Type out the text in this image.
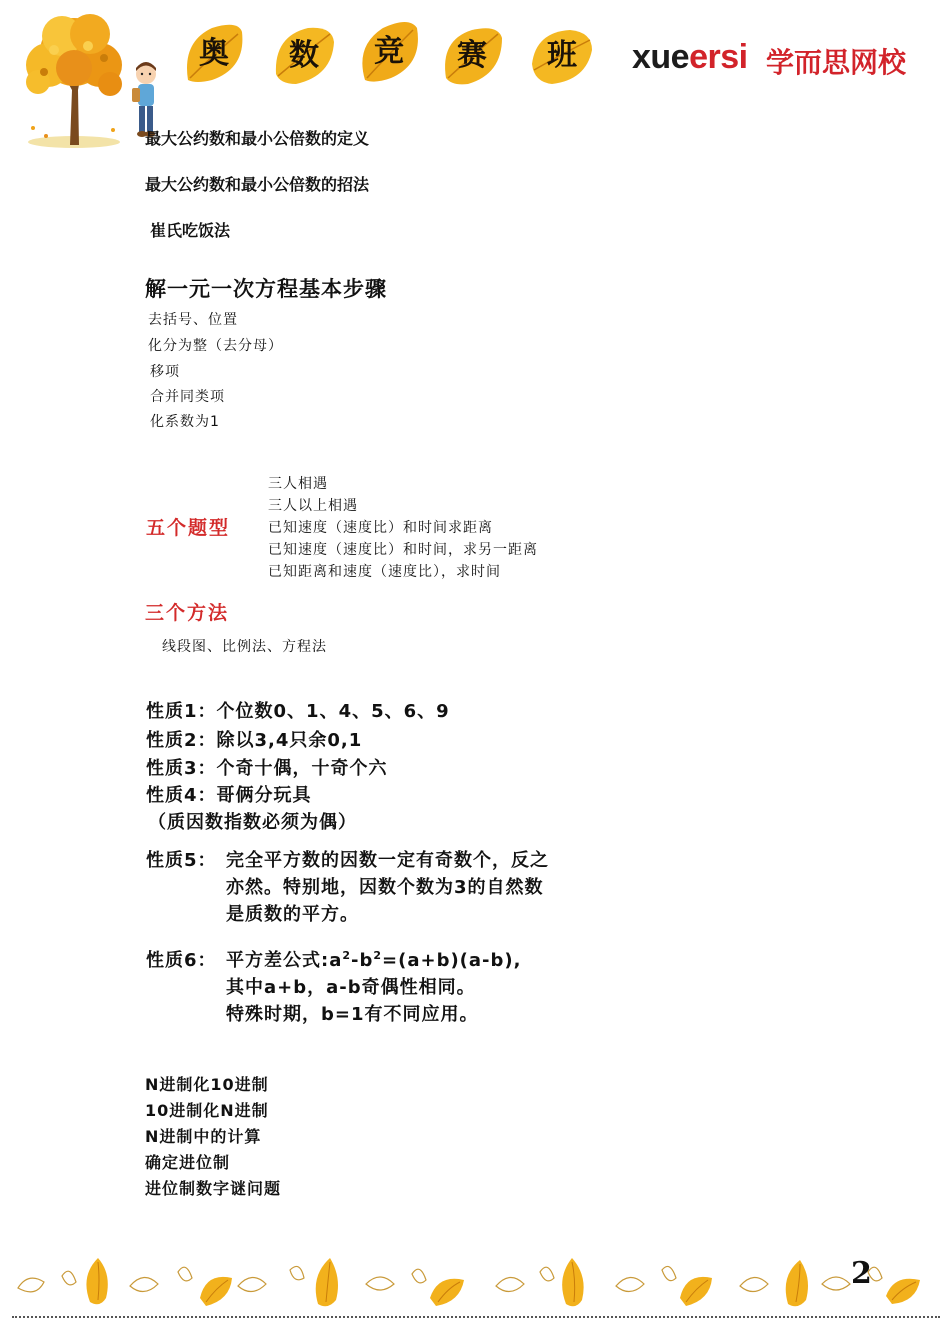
奥	数	竞	赛	班	xueersi 学而思网校
最大公约数和最小公倍数的定义
最大公约数和最小公倍数的招法
崔氏吃饭法
解一元一次方程基本步骤
去括号、位置
化分为整（去分母）
移项
合并同类项
化系数为1
五个题型
三人相遇
三人以上相遇
已知速度（速度比）和时间求距离
已知速度（速度比）和时间，求另一距离
已知距离和速度（速度比），求时间
三个方法
线段图、比例法、方程法
性质1：个位数0、1、4、5、6、9
性质2：除以3,4只余0,1
性质3：个奇十偶，十奇个六
性质4：哥俩分玩具
（质因数指数必须为偶）
性质5： 完全平方数的因数一定有奇数个，反之
亦然。特别地，因数个数为3的自然数
是质数的平方。
性质6： 平方差公式$:a^2-b^2=(a+b)(a-b)$,
其中a+b，a-b奇偶性相同。
特殊时期，b=1有不同应用。
N进制化10进制
10进制化N进制
N进制中的计算
确定进位制
进位制数字谜问题
2
